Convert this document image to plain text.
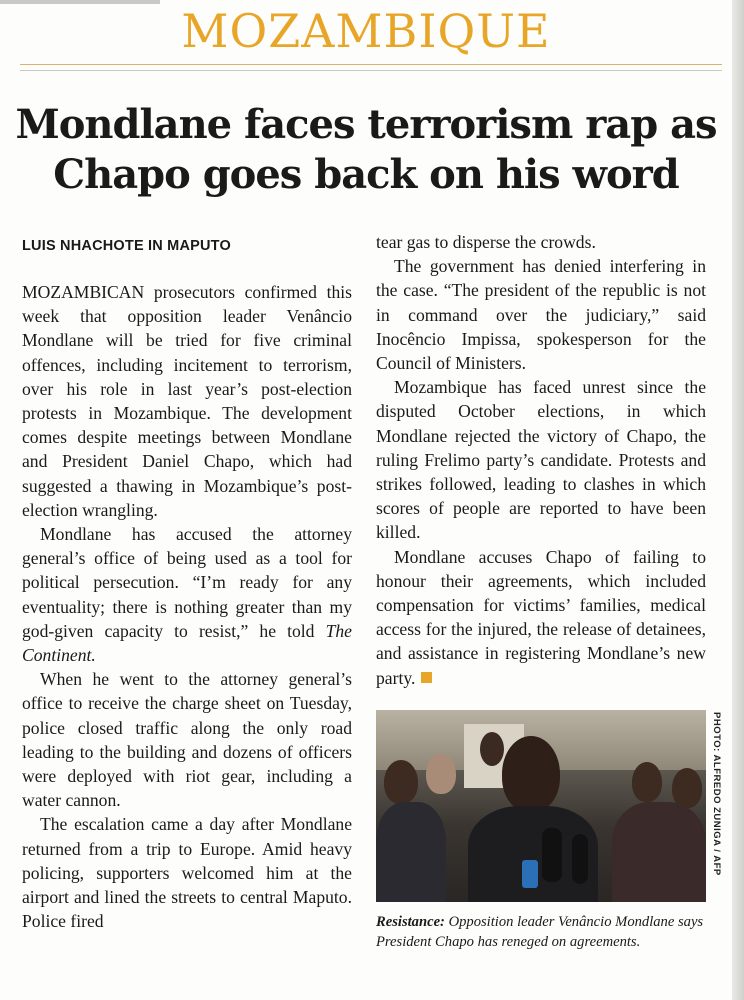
MOZAMBIQUE
Mondlane faces terrorism rap as
Chapo goes back on his word
LUIS NHACHOTE IN MAPUTO

MOZAMBICAN prosecutors confirmed this week that opposition leader Venâncio Mondlane will be tried for five criminal offences, including incitement to terrorism, over his role in last year’s post-election protests in Mozambique. The development comes despite meetings between Mondlane and President Daniel Chapo, which had suggested a thawing in Mozambique’s post-election wrangling.

Mondlane has accused the attorney general’s office of being used as a tool for political persecution. “I’m ready for any eventuality; there is nothing greater than my god-given capacity to resist,” he told The Continent.

When he went to the attorney general’s office to receive the charge sheet on Tuesday, police closed traffic along the only road leading to the building and dozens of officers were deployed with riot gear, including a water cannon.

The escalation came a day after Mondlane returned from a trip to Europe. Amid heavy policing, supporters welcomed him at the airport and lined the streets to central Maputo. Police fired

tear gas to disperse the crowds.

The government has denied interfering in the case. “The president of the republic is not in command over the judiciary,” said Inocêncio Impissa, spokesperson for the Council of Ministers.

Mozambique has faced unrest since the disputed October elections, in which Mondlane rejected the victory of Chapo, the ruling Frelimo party’s candidate. Protests and strikes followed, leading to clashes in which scores of people are reported to have been killed.

Mondlane accuses Chapo of failing to honour their agreements, which included compensation for victims’ families, medical access for the injured, the release of detainees, and assistance in registering Mondlane’s new party.

PHOTO: ALFREDO ZUNIGA / AFP
Resistance: Opposition leader Venâncio Mondlane says President Chapo has reneged on agreements.
